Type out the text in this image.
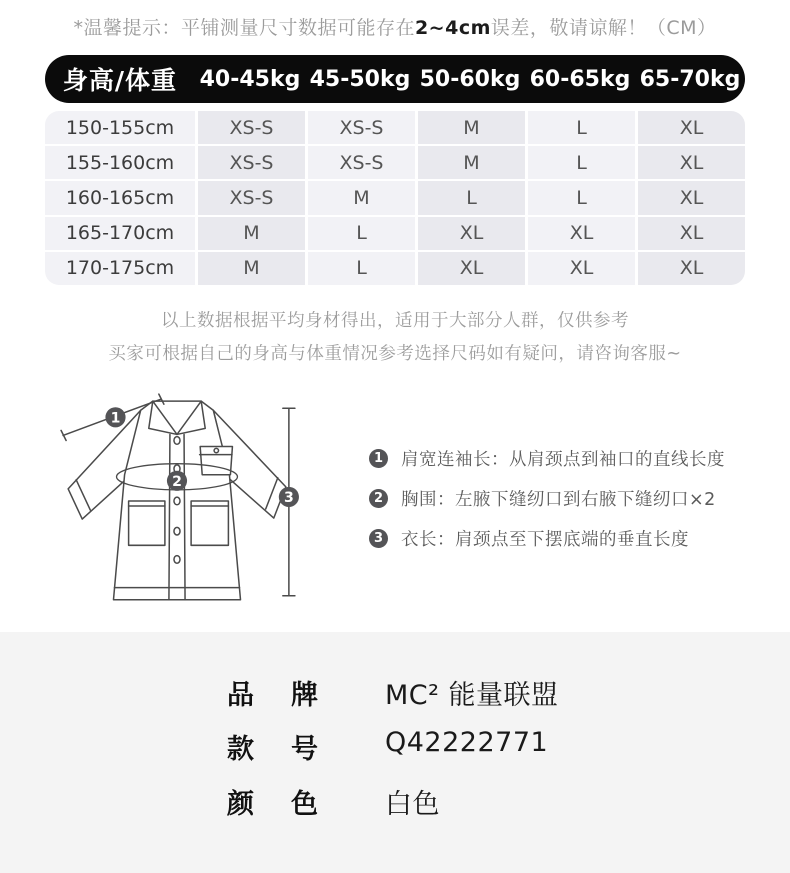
*温馨提示：平铺测量尺寸数据可能存在2~4cm误差，敬请谅解！（CM）
身高/体重	40-45kg 45-50kg 50-60kg 60-65kg 65-70kg
150-155cm	XS-S	XS-S	M	L	XL
155-160cm	XS-S	XS-S	M	L	XL
160-165cm	XS-S	M	L	L	XL
165-170cm	M	L	XL	XL	XL
170-175cm	M	L	XL	XL	XL
以上数据根据平均身材得出，适用于大部分人群，仅供参考
买家可根据自己的身高与体重情况参考选择尺码如有疑问，请咨询客服~
1
2
3
1 肩宽连袖长：从肩颈点到袖口的直线长度
2 胸围：左腋下缝纫口到右腋下缝纫口×2
3 衣长：肩颈点至下摆底端的垂直长度
品 牌 MC² 能量联盟
款 号 Q42222771
颜 色 白色
